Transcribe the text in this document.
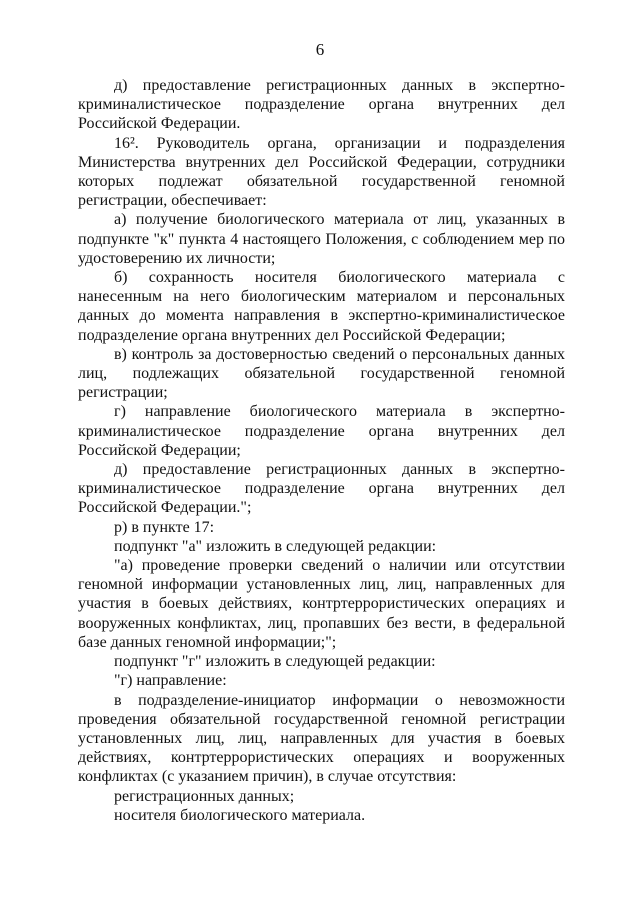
6

д) предоставление регистрационных данных в экспертно-криминалистическое подразделение органа внутренних дел Российской Федерации.

16². Руководитель органа, организации и подразделения Министерства внутренних дел Российской Федерации, сотрудники которых подлежат обязательной государственной геномной регистрации, обеспечивает:

а) получение биологического материала от лиц, указанных в подпункте "к" пункта 4 настоящего Положения, с соблюдением мер по удостоверению их личности;

б) сохранность носителя биологического материала с нанесенным на него биологическим материалом и персональных данных до момента направления в экспертно-криминалистическое подразделение органа внутренних дел Российской Федерации;

в) контроль за достоверностью сведений о персональных данных лиц, подлежащих обязательной государственной геномной регистрации;

г) направление биологического материала в экспертно-криминалистическое подразделение органа внутренних дел Российской Федерации;

д) предоставление регистрационных данных в экспертно-криминалистическое подразделение органа внутренних дел Российской Федерации.";

р) в пункте 17:

подпункт "а" изложить в следующей редакции:

"а) проведение проверки сведений о наличии или отсутствии геномной информации установленных лиц, лиц, направленных для участия в боевых действиях, контртеррористических операциях и вооруженных конфликтах, лиц, пропавших без вести, в федеральной базе данных геномной информации;";

подпункт "г" изложить в следующей редакции:

"г) направление:

в подразделение-инициатор информации о невозможности проведения обязательной государственной геномной регистрации установленных лиц, лиц, направленных для участия в боевых действиях, контртеррористических операциях и вооруженных конфликтах (с указанием причин), в случае отсутствия:

регистрационных данных;

носителя биологического материала.
